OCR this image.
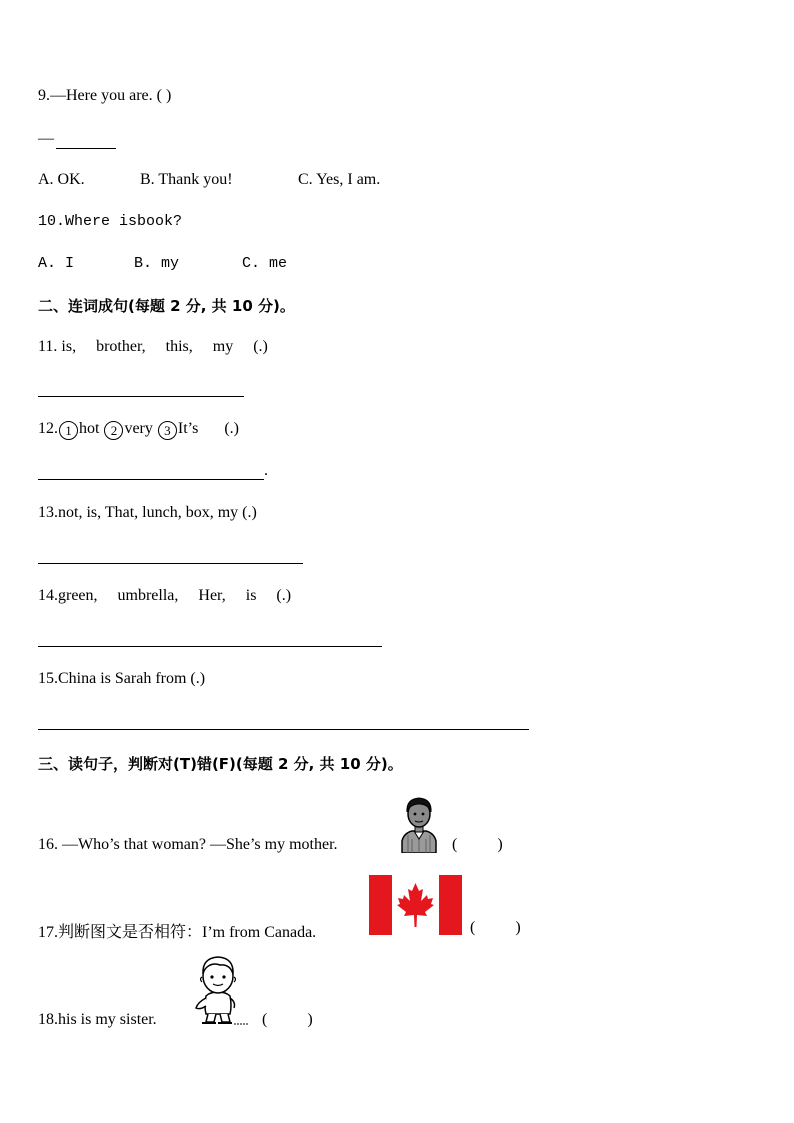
9.—Here you are. ( )
—
A. OK.	B. Thank you!	C. Yes, I am.
10.Where isbook?
A. I	B. my	C. me
二、连词成句(每题 2 分, 共 10 分)。
11. is,     brother,     this,     my     (.)
12. 1 hot 2 very 3 It’s (.)
.
13.not, is, That, lunch, box, my (.)
14.green,     umbrella,     Her,     is     (.)
15.China is Sarah from (.)
三、读句子，判断对(T)错(F)(每题 2 分, 共 10 分)。
16. —Who’s that woman? —She’s my mother.	(          )
17.判断图文是否相符：I’m from Canada.	(          )
18.his is my sister.	(          )
